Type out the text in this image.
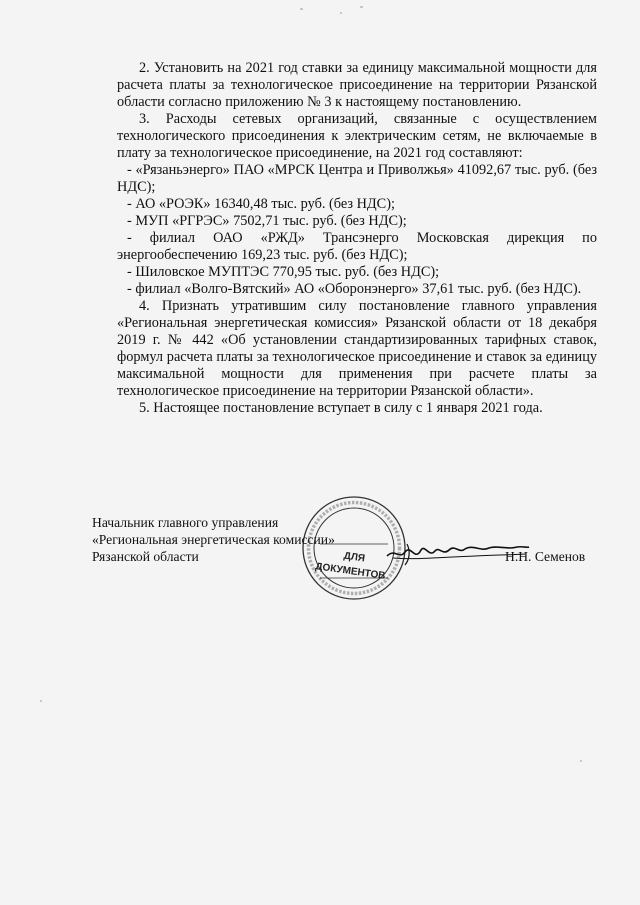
2. Установить на 2021 год ставки за единицу максимальной мощности для расчета платы за технологическое присоединение на территории Рязанской области согласно приложению № 3 к настоящему постановлению.

3. Расходы сетевых организаций, связанные с осуществлением технологического присоединения к электрическим сетям, не включаемые в плату за технологическое присоединение, на 2021 год составляют:

- «Рязаньэнерго» ПАО «МРСК Центра и Приволжья» 41092,67 тыс. руб. (без НДС);

- АО «РОЭК» 16340,48 тыс. руб. (без НДС);

- МУП «РГРЭС» 7502,71 тыс. руб. (без НДС);

- филиал ОАО «РЖД» Трансэнерго Московская дирекция по энергообеспечению 169,23 тыс. руб. (без НДС);

- Шиловское МУПТЭС 770,95 тыс. руб. (без НДС);

- филиал «Волго-Вятский» АО «Оборонэнерго» 37,61 тыс. руб. (без НДС).

4. Признать утратившим силу постановление главного управления «Региональная энергетическая комиссия» Рязанской области от 18 декабря 2019 г. № 442 «Об установлении стандартизированных тарифных ставок, формул расчета платы за технологическое присоединение и ставок за единицу максимальной мощности для применения при расчете платы за технологическое присоединение на территории Рязанской области».

5. Настоящее постановление вступает в силу с 1 января 2021 года.

ДЛЯ
ДОКУМЕНТОВ
Начальник главного управления
«Региональная энергетическая комиссии»
Рязанской области	Н.Н. Семенов
